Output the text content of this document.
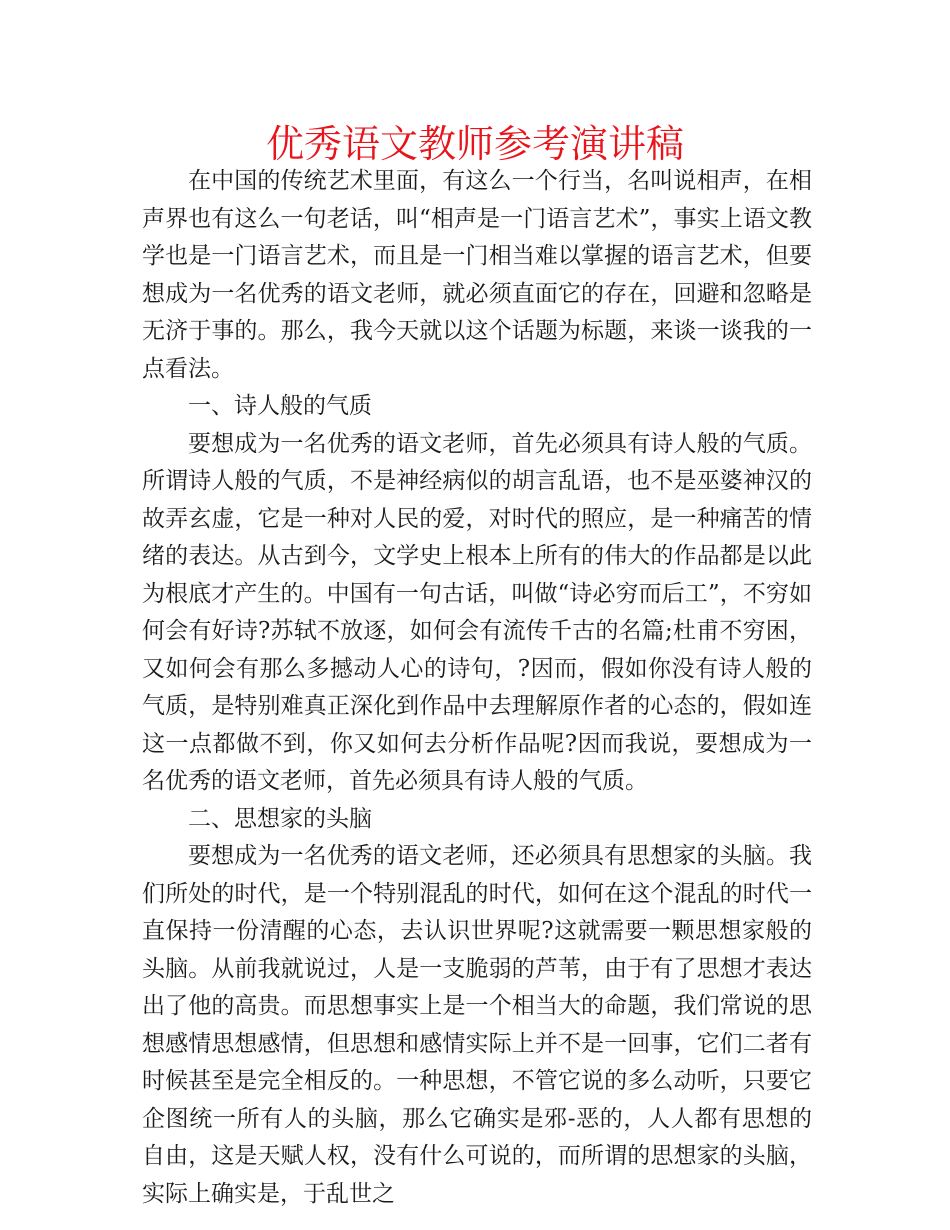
优秀语文教师参考演讲稿

在中国的传统艺术里面，有这么一个行当，名叫说相声，在相声界也有这么一句老话，叫“相声是一门语言艺术”，事实上语文教学也是一门语言艺术，而且是一门相当难以掌握的语言艺术，但要想成为一名优秀的语文老师，就必须直面它的存在，回避和忽略是无济于事的。那么，我今天就以这个话题为标题，来谈一谈我的一点看法。

一、诗人般的气质

要想成为一名优秀的语文老师，首先必须具有诗人般的气质。所谓诗人般的气质，不是神经病似的胡言乱语，也不是巫婆神汉的故弄玄虚，它是一种对人民的爱，对时代的照应，是一种痛苦的情绪的表达。从古到今，文学史上根本上所有的伟大的作品都是以此为根底才产生的。中国有一句古话，叫做“诗必穷而后工”，不穷如何会有好诗?苏轼不放逐，如何会有流传千古的名篇;杜甫不穷困，又如何会有那么多撼动人心的诗句，?因而，假如你没有诗人般的气质，是特别难真正深化到作品中去理解原作者的心态的，假如连这一点都做不到，你又如何去分析作品呢?因而我说，要想成为一名优秀的语文老师，首先必须具有诗人般的气质。

二、思想家的头脑

要想成为一名优秀的语文老师，还必须具有思想家的头脑。我们所处的时代，是一个特别混乱的时代，如何在这个混乱的时代一直保持一份清醒的心态，去认识世界呢?这就需要一颗思想家般的头脑。从前我就说过，人是一支脆弱的芦苇，由于有了思想才表达出了他的高贵。而思想事实上是一个相当大的命题，我们常说的思想感情思想感情，但思想和感情实际上并不是一回事，它们二者有时候甚至是完全相反的。一种思想，不管它说的多么动听，只要它企图统一所有人的头脑，那么它确实是邪-恶的，人人都有思想的自由，这是天赋人权，没有什么可说的，而所谓的思想家的头脑，实际上确实是，于乱世之
